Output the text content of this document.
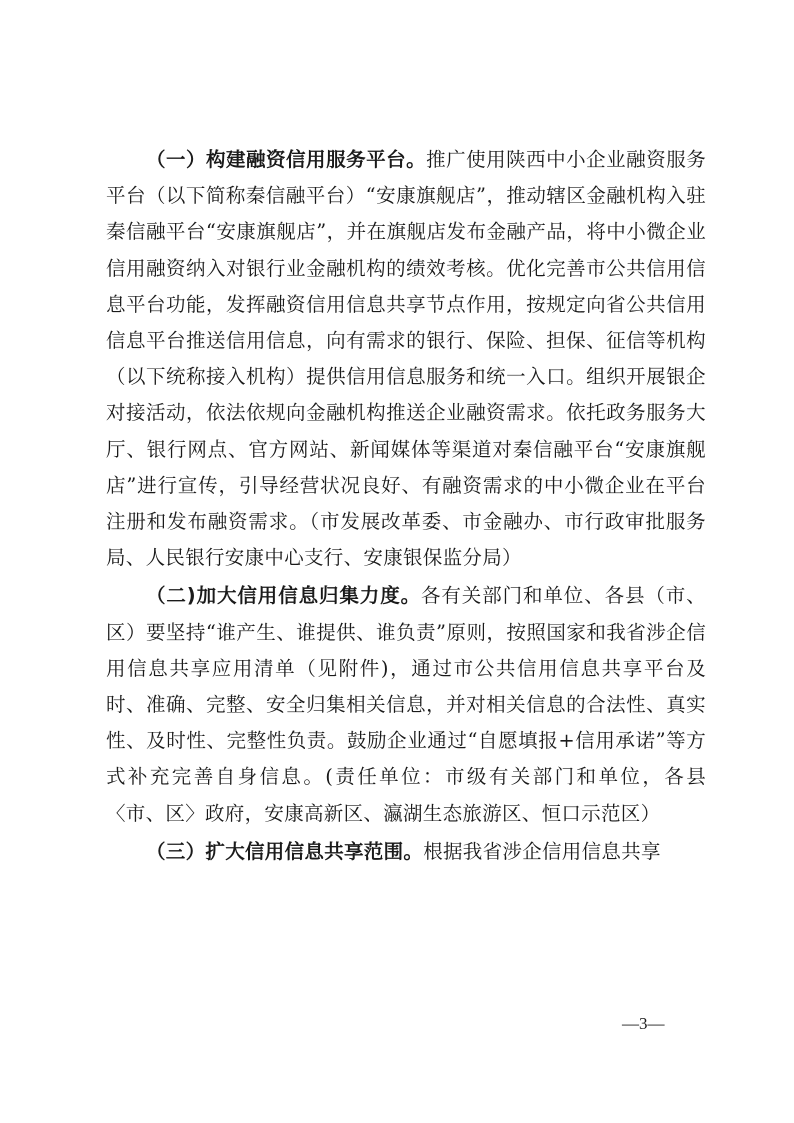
（一）构建融资信用服务平台。推广使用陕西中小企业融资服务平台（以下简称秦信融平台）“安康旗舰店”，推动辖区金融机构入驻秦信融平台“安康旗舰店”，并在旗舰店发布金融产品，将中小微企业信用融资纳入对银行业金融机构的绩效考核。优化完善市公共信用信息平台功能，发挥融资信用信息共享节点作用，按规定向省公共信用信息平台推送信用信息，向有需求的银行、保险、担保、征信等机构（以下统称接入机构）提供信用信息服务和统一入口。组织开展银企对接活动，依法依规向金融机构推送企业融资需求。依托政务服务大厅、银行网点、官方网站、新闻媒体等渠道对秦信融平台“安康旗舰店”进行宣传，引导经营状况良好、有融资需求的中小微企业在平台注册和发布融资需求。（市发展改革委、市金融办、市行政审批服务局、人民银行安康中心支行、安康银保监分局）

（二)加大信用信息归集力度。各有关部门和单位、各县（市、区）要坚持“谁产生、谁提供、谁负责”原则，按照国家和我省涉企信用信息共享应用清单（见附件)，通过市公共信用信息共享平台及时、准确、完整、安全归集相关信息，并对相关信息的合法性、真实性、及时性、完整性负责。鼓励企业通过“自愿填报+信用承诺”等方式补充完善自身信息。(责任单位：市级有关部门和单位，各县〈市、区〉政府，安康高新区、瀛湖生态旅游区、恒口示范区）

（三）扩大信用信息共享范围。根据我省涉企信用信息共享

—3—
